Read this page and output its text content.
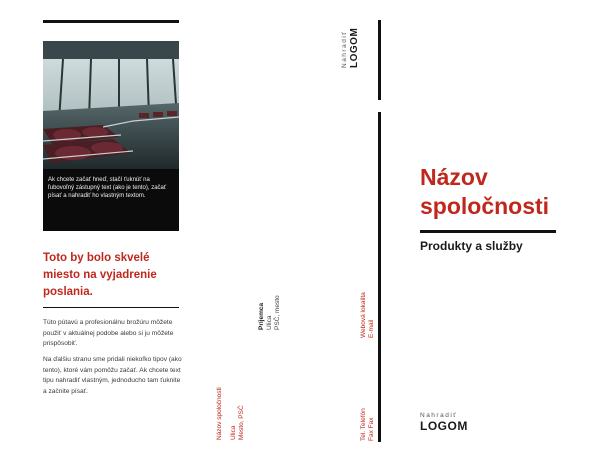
Ak chcete začať hneď, stačí ťuknúť na ľubovoľný zástupný text (ako je tento), začať písať a nahradiť ho vlastným textom.

Toto by bolo skvelé miesto na vyjadrenie poslania.

Túto pútavú a profesionálnu brožúru môžete použiť v aktuálnej podobe alebo si ju môžete prispôsobiť.

Na ďalšiu stranu sme pridali niekoľko tipov (ako tento), ktoré vám pomôžu začať. Ak chcete text tipu nahradiť vlastným, jednoducho tam ťuknite a začnite písať.	Názov spoločnosti Ulica Mesto, PSČ
Príjemca Ulica PSČ, mesto
Nahradiť LOGOM
Webová lokalita E-mail
Tel. Telefón Fax Fax
Názov
spoločnosti

Produkty a služby

Nahradiť
LOGOM
